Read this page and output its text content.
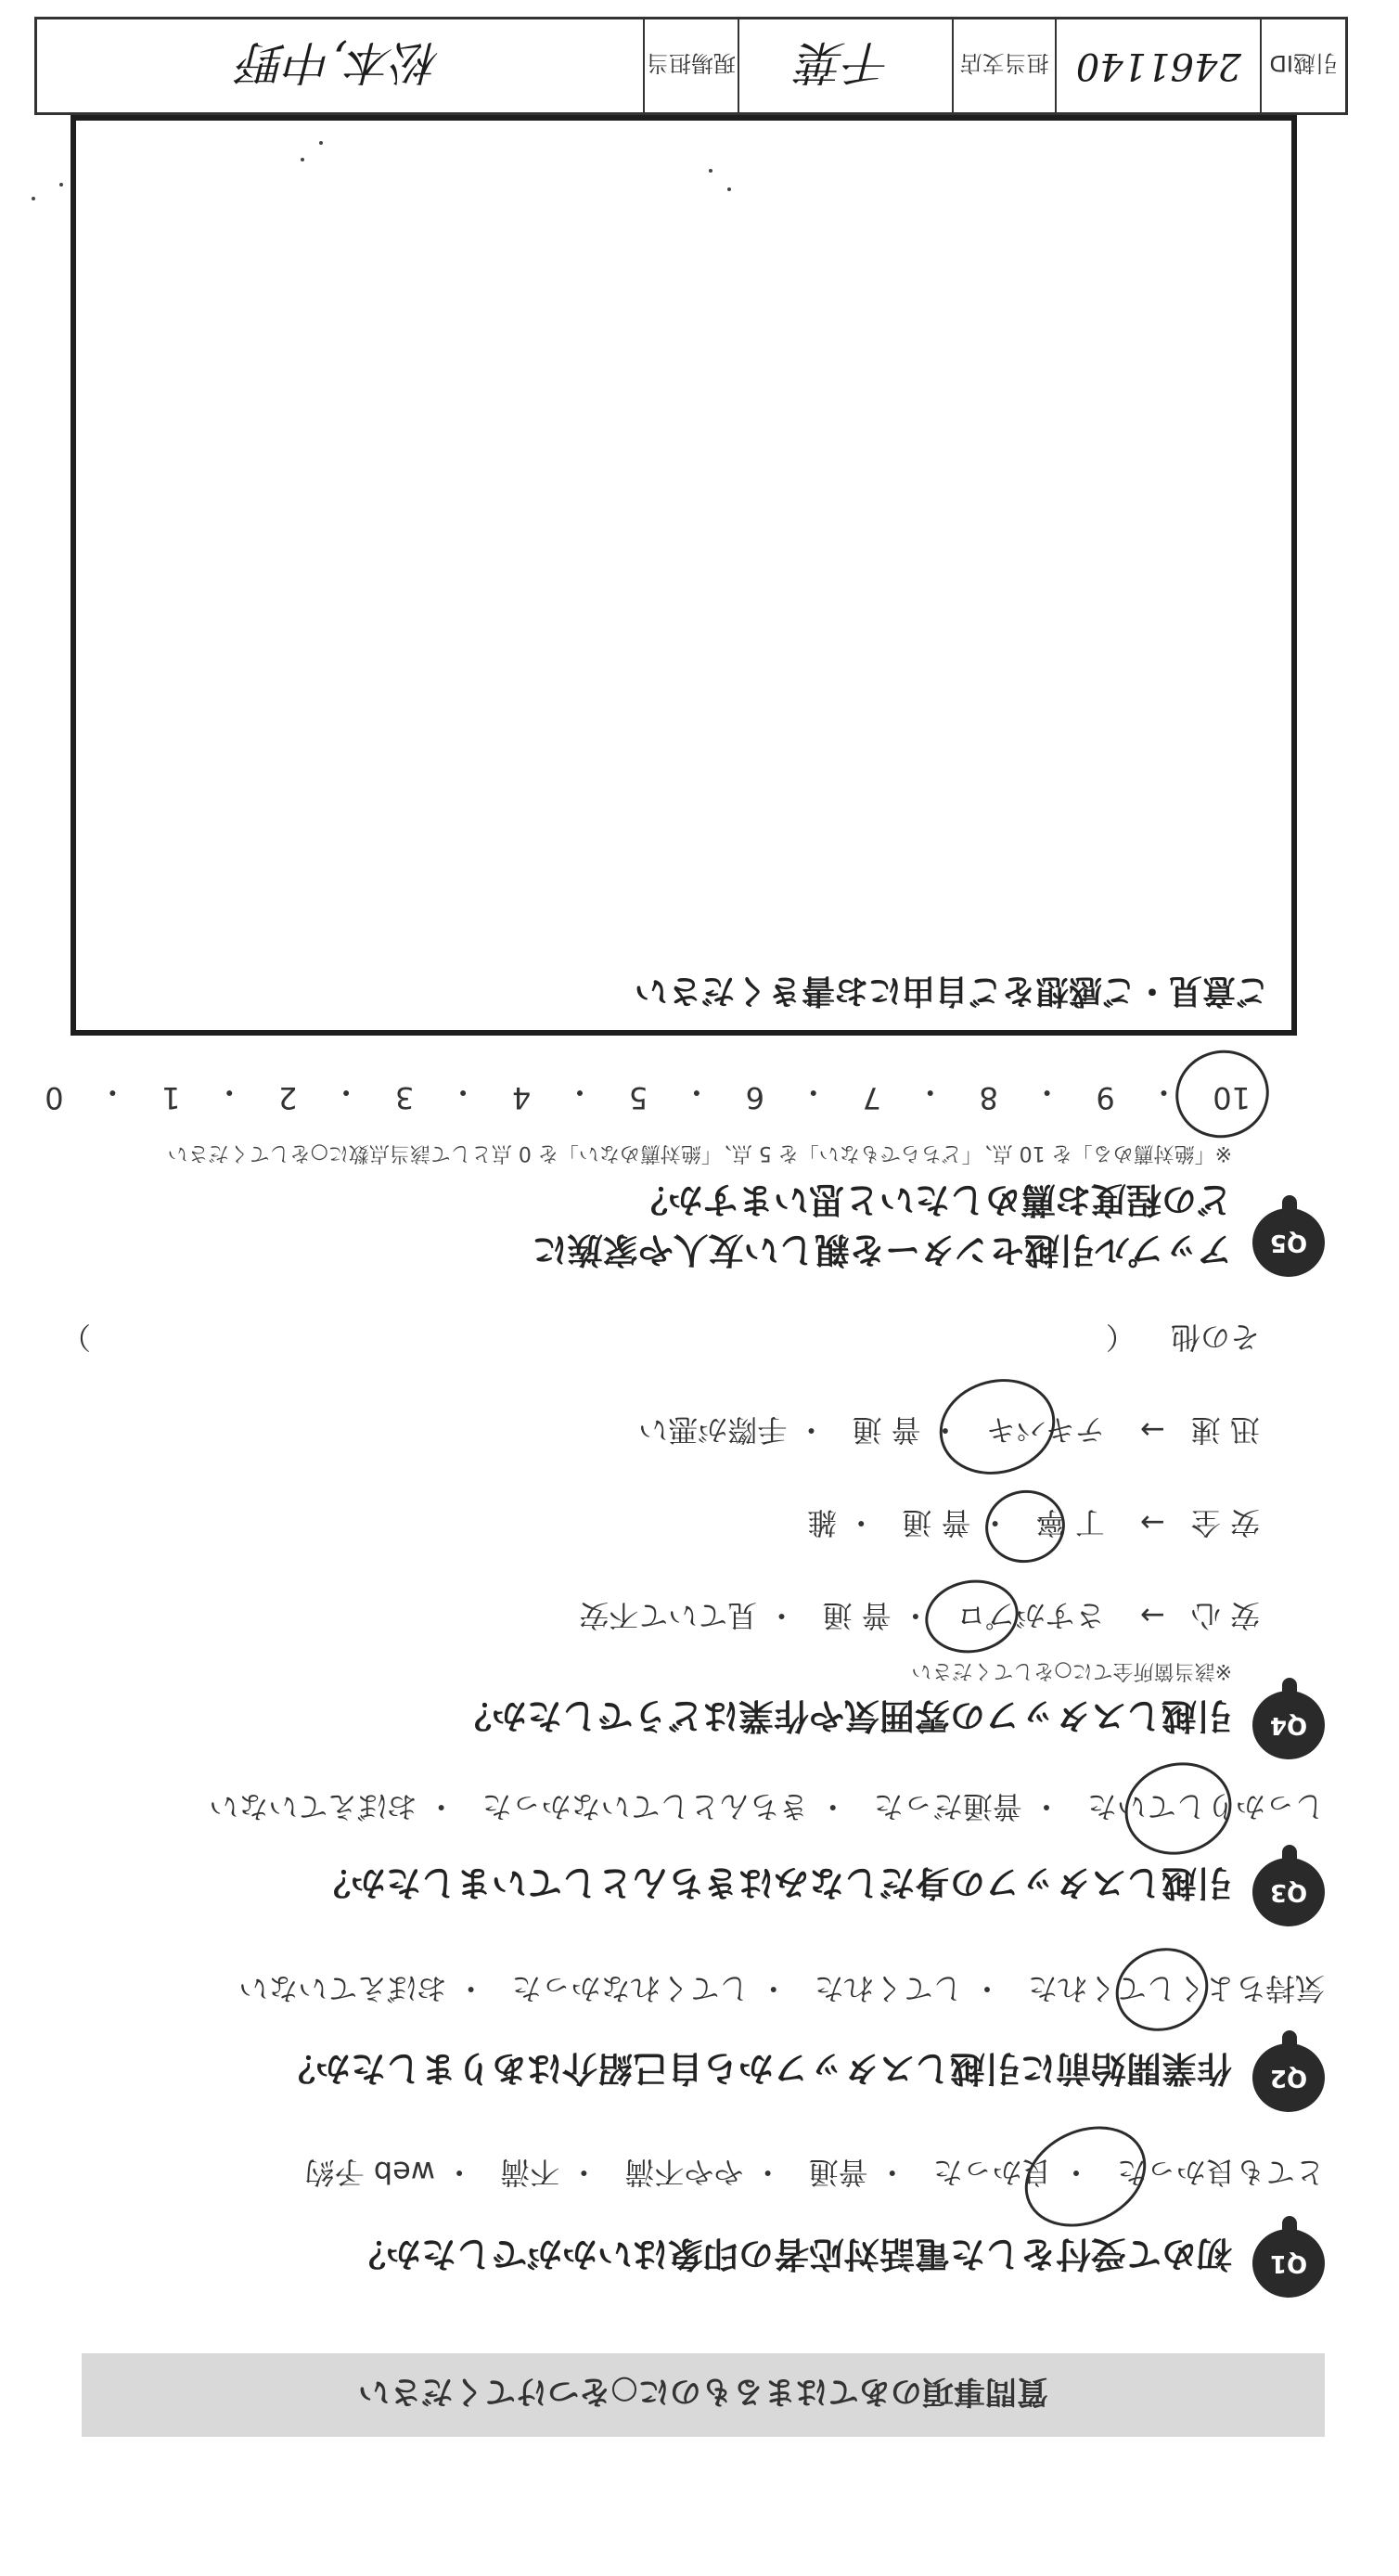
質問事項のあてはまるものに○をつけてください
Q1
初めて受付をした電話対応者の印象はいかがでしたか？
とても良かった・ 良かった・ 普通・ やや不満・ 不満・ web 予約
Q2
作業開始前に引越しスタッフから自己紹介はありましたか？
気持ちよくしてくれた・ してくれた・ してくれなかった・ おぼえていない
Q3
引越しスタッフの身だしなみはきちんとしていましたか？
しっかりしていた・ 普通だった・ きちんとしていなかった・ おぼえていない
Q4
引越しスタッフの雰囲気や作業はどうでしたか？
※該当箇所全てに○をしてください
安 心→ さすがプロ・ 普 通・ 見ていて不安
安 全→ 丁 寧・ 普 通・ 雑
迅 速→ テキパキ・ 普 通・ 手際が悪い
その他 （
）
Q5
アップル引越センターを親しい友人や家族に
どの程度お薦めしたいと思いますか？
※「絶対薦める」を 10 点、「どちらでもない」を 5 点、「絶対薦めない」を 0 点として該当点数に○をしてください
10
・
9
・
8
・
7
・
6
・
5
・
4
・
3
・
2
・
1
・
0
ご意見・ご感想をご自由にお書きください
引越ID
2461140
担当支店
千葉
現場担当
松本,中野
